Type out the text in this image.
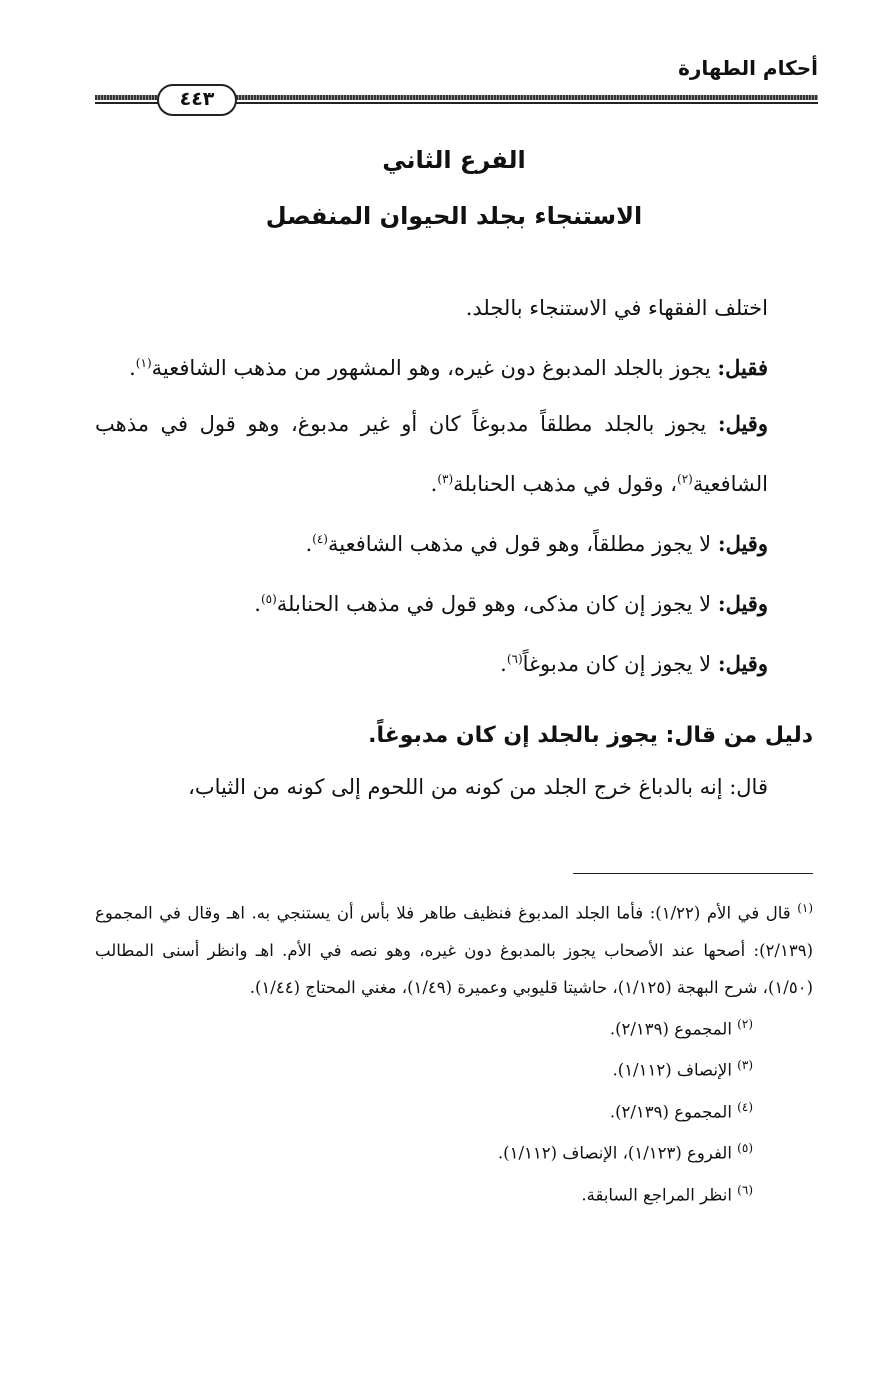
أحكام الطهارة
٤٤٣

الفرع الثاني

الاستنجاء بجلد الحيوان المنفصل

اختلف الفقهاء في الاستنجاء بالجلد.

فقيل: يجوز بالجلد المدبوغ دون غيره، وهو المشهور من مذهب الشافعية$^{(١)}$.

وقيل: يجوز بالجلد مطلقاً مدبوغاً كان أو غير مدبوغ، وهو قول في مذهب الشافعية$^{(٢)}$، وقول في مذهب الحنابلة$^{(٣)}$.

وقيل: لا يجوز مطلقاً، وهو قول في مذهب الشافعية$^{(٤)}$.

وقيل: لا يجوز إن كان مذكى، وهو قول في مذهب الحنابلة$^{(٥)}$.

وقيل: لا يجوز إن كان مدبوغاً$^{(٦)}$.

دليل من قال: يجوز بالجلد إن كان مدبوغاً.

قال: إنه بالدباغ خرج الجلد من كونه من اللحوم إلى كونه من الثياب،

$^{(١)}$ قال في الأم (١/٢٢): فأما الجلد المدبوغ فنظيف طاهر فلا بأس أن يستنجي به. اهـ وقال في المجموع (٢/١٣٩): أصحها عند الأصحاب يجوز بالمدبوغ دون غيره، وهو نصه في الأم. اهـ وانظر أسنى المطالب (١/٥٠)، شرح البهجة (١/١٢٥)، حاشيتا قليوبي وعميرة (١/٤٩)، مغني المحتاج (١/٤٤).

$^{(٢)}$ المجموع (٢/١٣٩).

$^{(٣)}$ الإنصاف (١/١١٢).

$^{(٤)}$ المجموع (٢/١٣٩).

$^{(٥)}$ الفروع (١/١٢٣)، الإنصاف (١/١١٢).

$^{(٦)}$ انظر المراجع السابقة.
